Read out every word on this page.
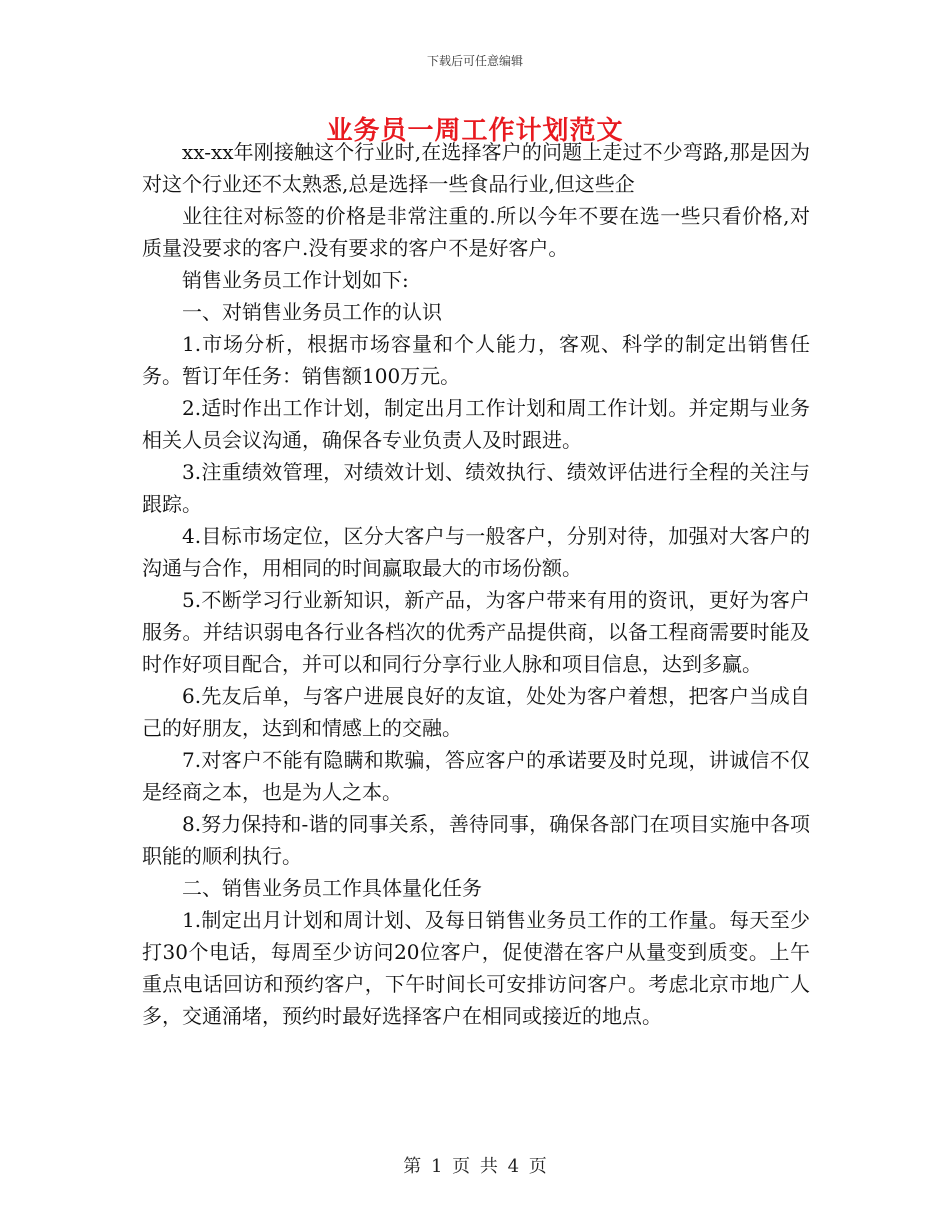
下载后可任意编辑
业务员一周工作计划范文

xx-xx年刚接触这个行业时,在选择客户的问题上走过不少弯路,那是因为对这个行业还不太熟悉,总是选择一些食品行业,但这些企

业往往对标签的价格是非常注重的.所以今年不要在选一些只看价格,对质量没要求的客户.没有要求的客户不是好客户。

销售业务员工作计划如下:

一、对销售业务员工作的认识

1.市场分析，根据市场容量和个人能力，客观、科学的制定出销售任务。暂订年任务：销售额100万元。

2.适时作出工作计划，制定出月工作计划和周工作计划。并定期与业务相关人员会议沟通，确保各专业负责人及时跟进。

3.注重绩效管理，对绩效计划、绩效执行、绩效评估进行全程的关注与跟踪。

4.目标市场定位，区分大客户与一般客户，分别对待，加强对大客户的沟通与合作，用相同的时间赢取最大的市场份额。

5.不断学习行业新知识，新产品，为客户带来有用的资讯，更好为客户服务。并结识弱电各行业各档次的优秀产品提供商，以备工程商需要时能及时作好项目配合，并可以和同行分享行业人脉和项目信息，达到多赢。

6.先友后单，与客户进展良好的友谊，处处为客户着想，把客户当成自己的好朋友，达到和情感上的交融。

7.对客户不能有隐瞒和欺骗，答应客户的承诺要及时兑现，讲诚信不仅是经商之本，也是为人之本。

8.努力保持和-谐的同事关系，善待同事，确保各部门在项目实施中各项职能的顺利执行。

二、销售业务员工作具体量化任务

1.制定出月计划和周计划、及每日销售业务员工作的工作量。每天至少打30个电话，每周至少访问20位客户，促使潜在客户从量变到质变。上午重点电话回访和预约客户，下午时间长可安排访问客户。考虑北京市地广人多，交通涌堵，预约时最好选择客户在相同或接近的地点。

第 1 页 共 4 页
